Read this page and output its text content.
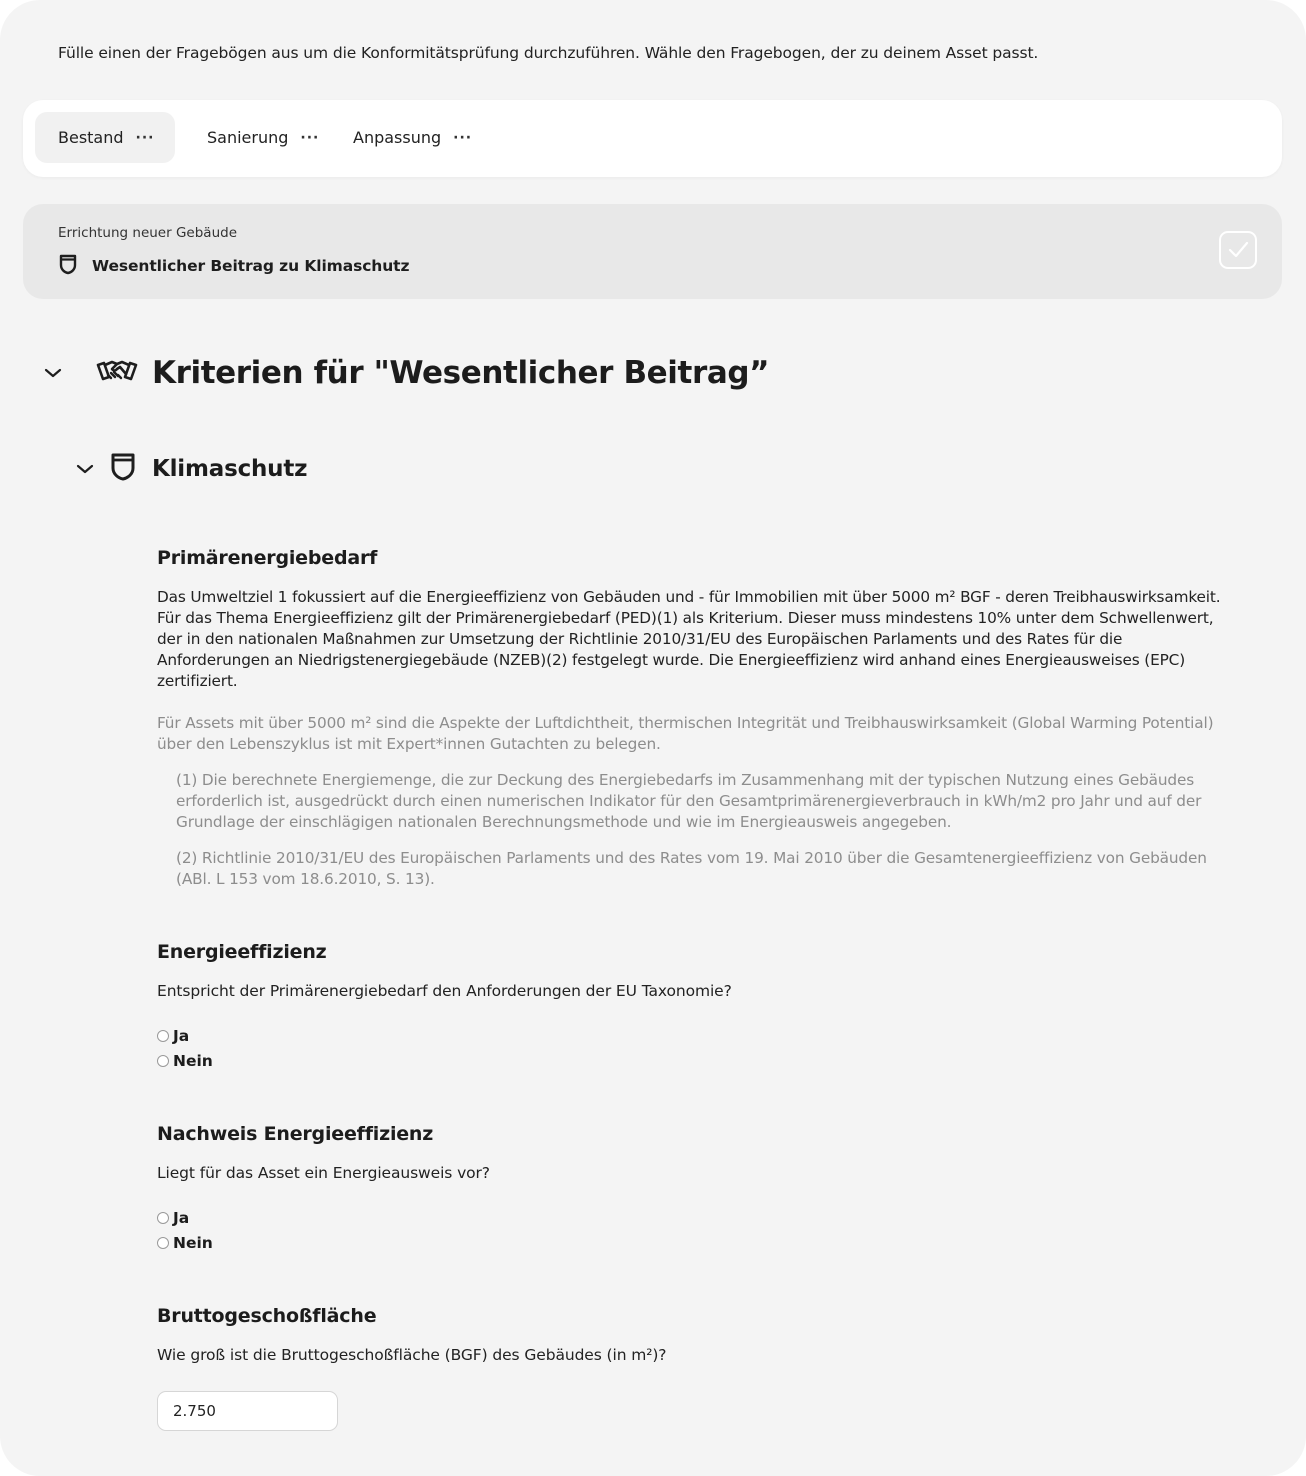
Fülle einen der Fragebögen aus um die Konformitätsprüfung durchzuführen. Wähle den Fragebogen, der zu deinem Asset passt.
Bestand ···	Sanierung ··· Anpassung ···
Errichtung neuer Gebäude
Wesentlicher Beitrag zu Klimaschutz
Kriterien für "Wesentlicher Beitrag”
Klimaschutz
Primärenergiebedarf
Das Umweltziel 1 fokussiert auf die Energieeffizienz von Gebäuden und - für Immobilien mit über 5000 m² BGF - deren Treibhauswirksamkeit. Für das Thema Energieeffizienz gilt der Primärenergiebedarf (PED)(1) als Kriterium. Dieser muss mindestens 10% unter dem Schwellenwert, der in den nationalen Maßnahmen zur Umsetzung der Richtlinie 2010/31/EU des Europäischen Parlaments und des Rates für die Anforderungen an Niedrigstenergiegebäude (NZEB)(2) festgelegt wurde. Die Energieeffizienz wird anhand eines Energieausweises (EPC) zertifiziert.
Für Assets mit über 5000 m² sind die Aspekte der Luftdichtheit, thermischen Integrität und Treibhauswirksamkeit (Global Warming Potential) über den Lebenszyklus ist mit Expert*innen Gutachten zu belegen.
(1) Die berechnete Energiemenge, die zur Deckung des Energiebedarfs im Zusammenhang mit der typischen Nutzung eines Gebäudes erforderlich ist, ausgedrückt durch einen numerischen Indikator für den Gesamtprimärenergieverbrauch in kWh/m2 pro Jahr und auf der Grundlage der einschlägigen nationalen Berechnungsmethode und wie im Energieausweis angegeben.
(2) Richtlinie 2010/31/EU des Europäischen Parlaments und des Rates vom 19. Mai 2010 über die Gesamtenergieeffizienz von Gebäuden (ABl. L 153 vom 18.6.2010, S. 13).
Energieeffizienz
Entspricht der Primärenergiebedarf den Anforderungen der EU Taxonomie?
Ja
Nein
Nachweis Energieeffizienz
Liegt für das Asset ein Energieausweis vor?
Ja
Nein
Bruttogeschoßfläche
Wie groß ist die Bruttogeschoßfläche (BGF) des Gebäudes (in m²)?
2.750
